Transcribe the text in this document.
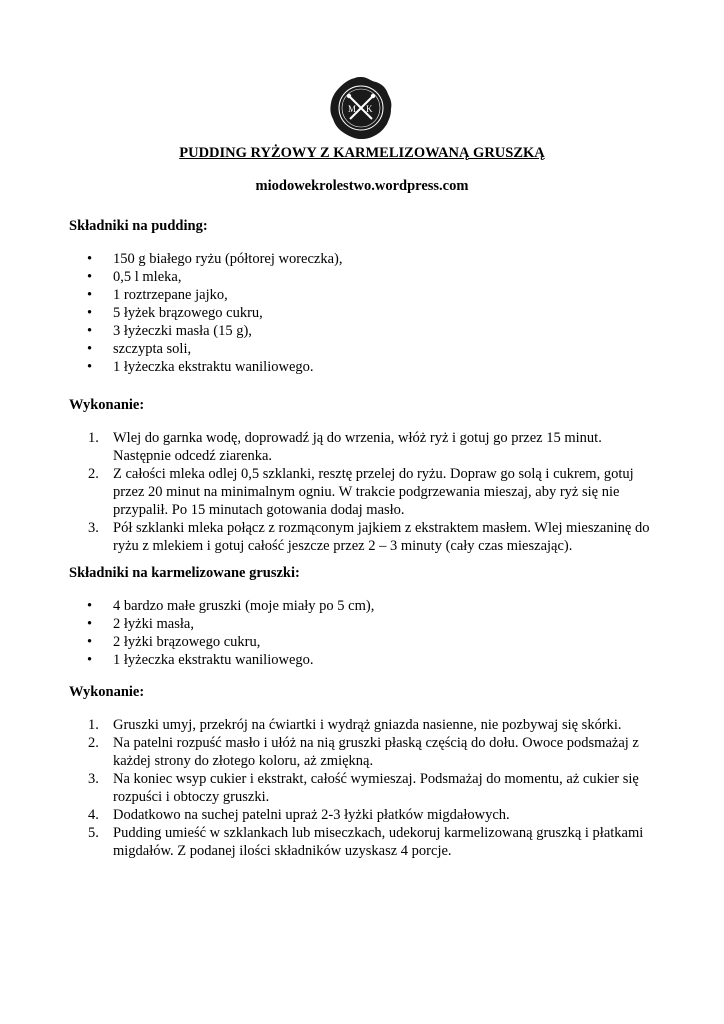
M K
PUDDING RYŻOWY Z KARMELIZOWANĄ GRUSZKĄ
miodowekrolestwo.wordpress.com
Składniki na pudding:
• 150 g białego ryżu (półtorej woreczka),
• 0,5 l mleka,
• 1 roztrzepane jajko,
• 5 łyżek brązowego cukru,
• 3 łyżeczki masła (15 g),
• szczypta soli,
• 1 łyżeczka ekstraktu waniliowego.
Wykonanie:
1. Wlej do garnka wodę, doprowadź ją do wrzenia, włóż ryż i gotuj go przez 15 minut.
Następnie odcedź ziarenka.
2. Z całości mleka odlej 0,5 szklanki, resztę przelej do ryżu. Dopraw go solą i cukrem, gotuj
przez 20 minut na minimalnym ogniu. W trakcie podgrzewania mieszaj, aby ryż się nie
przypalił. Po 15 minutach gotowania dodaj masło.
3. Pół szklanki mleka połącz z rozmąconym jajkiem z ekstraktem masłem. Wlej mieszaninę do
ryżu z mlekiem i gotuj całość jeszcze przez 2 – 3 minuty (cały czas mieszając).
Składniki na karmelizowane gruszki:
• 4 bardzo małe gruszki (moje miały po 5 cm),
• 2 łyżki masła,
• 2 łyżki brązowego cukru,
• 1 łyżeczka ekstraktu waniliowego.
Wykonanie:
1. Gruszki umyj, przekrój na ćwiartki i wydrąż gniazda nasienne, nie pozbywaj się skórki.
2. Na patelni rozpuść masło i ułóż na nią gruszki płaską częścią do dołu. Owoce podsmażaj z
każdej strony do złotego koloru, aż zmiękną.
3. Na koniec wsyp cukier i ekstrakt, całość wymieszaj. Podsmażaj do momentu, aż cukier się
rozpuści i obtoczy gruszki.
4. Dodatkowo na suchej patelni upraż 2-3 łyżki płatków migdałowych.
5. Pudding umieść w szklankach lub miseczkach, udekoruj karmelizowaną gruszką i płatkami
migdałów. Z podanej ilości składników uzyskasz 4 porcje.
